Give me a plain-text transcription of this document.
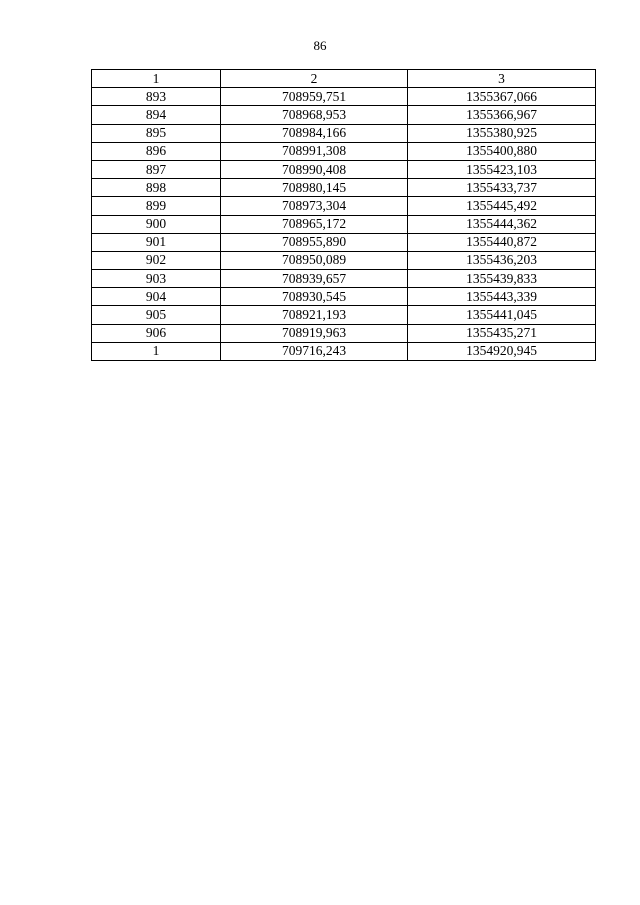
86
1	2	3
893	708959,751	1355367,066
894	708968,953	1355366,967
895	708984,166	1355380,925
896	708991,308	1355400,880
897	708990,408	1355423,103
898	708980,145	1355433,737
899	708973,304	1355445,492
900	708965,172	1355444,362
901	708955,890	1355440,872
902	708950,089	1355436,203
903	708939,657	1355439,833
904	708930,545	1355443,339
905	708921,193	1355441,045
906	708919,963	1355435,271
1	709716,243	1354920,945
